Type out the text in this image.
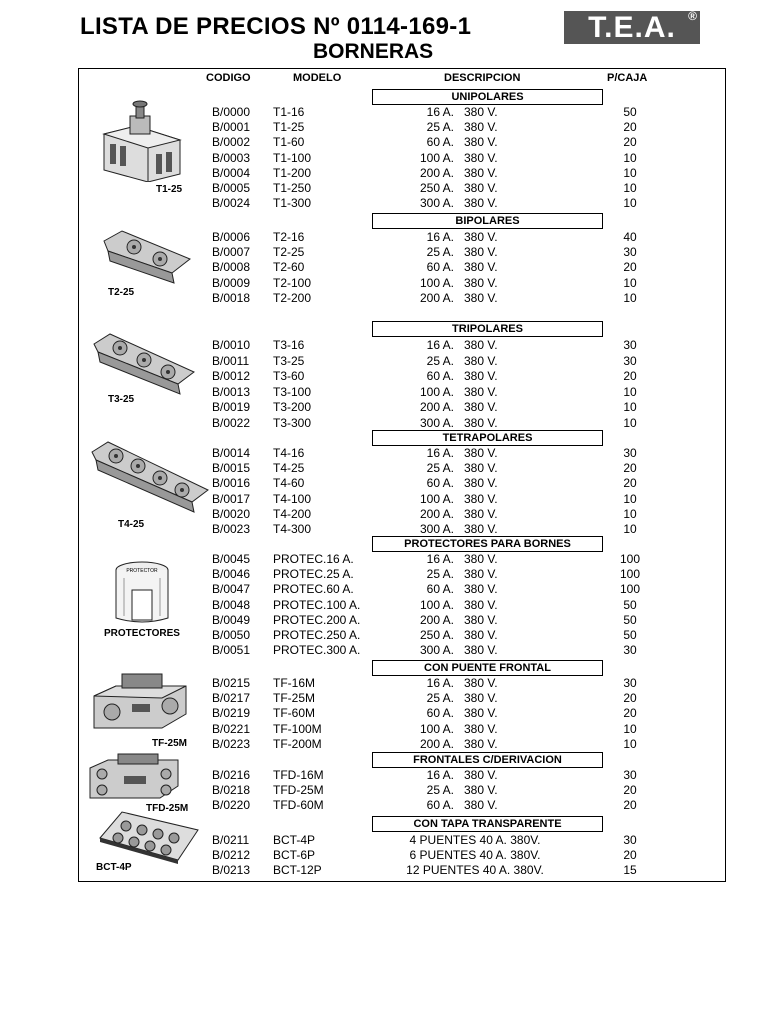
LISTA DE PRECIOS Nº 0114-169-1
BORNERAS
T.E.A. ®
CODIGO	MODELO	DESCRIPCION	P/CAJA
UNIPOLARES
BIPOLARES
TRIPOLARES
TETRAPOLARES
PROTECTORES PARA BORNES
CON PUENTE FRONTAL
FRONTALES C/DERIVACION
CON TAPA TRANSPARENTE
B/0000 T1-16	16 A. 380 V.	50
B/0001 T1-25	25 A. 380 V.	20
B/0002 T1-60	60 A. 380 V.	20
B/0003 T1-100	100 A. 380 V.	10
B/0004 T1-200	200 A. 380 V.	10
B/0005 T1-250	250 A. 380 V.	10
B/0024 T1-300	300 A. 380 V.	10
B/0006 T2-16	16 A. 380 V.	40
B/0007 T2-25	25 A. 380 V.	30
B/0008 T2-60	60 A. 380 V.	20
B/0009 T2-100	100 A. 380 V.	10
B/0018 T2-200	200 A. 380 V.	10
B/0010 T3-16	16 A. 380 V.	30
B/0011 T3-25	25 A. 380 V.	30
B/0012 T3-60	60 A. 380 V.	20
B/0013 T3-100	100 A. 380 V.	10
B/0019 T3-200	200 A. 380 V.	10
B/0022 T3-300	300 A. 380 V.	10
B/0014 T4-16	16 A. 380 V.	30
B/0015 T4-25	25 A. 380 V.	20
B/0016 T4-60	60 A. 380 V.	20
B/0017 T4-100	100 A. 380 V.	10
B/0020 T4-200	200 A. 380 V.	10
B/0023 T4-300	300 A. 380 V.	10
B/0045 PROTEC.16 A.	16 A. 380 V.	100
B/0046 PROTEC.25 A.	25 A. 380 V.	100
B/0047 PROTEC.60 A.	60 A. 380 V.	100
B/0048 PROTEC.100 A.	100 A. 380 V.	50
B/0049 PROTEC.200 A.	200 A. 380 V.	50
B/0050 PROTEC.250 A.	250 A. 380 V.	50
B/0051 PROTEC.300 A.	300 A. 380 V.	30
B/0215 TF-16M	16 A. 380 V.	30
B/0217 TF-25M	25 A. 380 V.	20
B/0219 TF-60M	60 A. 380 V.	20
B/0221 TF-100M	100 A. 380 V.	10
B/0223 TF-200M	200 A. 380 V.	10
B/0216 TFD-16M	16 A. 380 V.	30
B/0218 TFD-25M	25 A. 380 V.	20
B/0220 TFD-60M	60 A. 380 V.	20
B/0211 BCT-4P	4 PUENTES 40 A. 380V.	30
B/0212 BCT-6P	6 PUENTES 40 A. 380V.	20
B/0213 BCT-12P	12 PUENTES 40 A. 380V.	15
T1-25
T2-25
T3-25
T4-25
PROTECTOR
PROTECTORES
TF-25M
TFD-25M
BCT-4P
